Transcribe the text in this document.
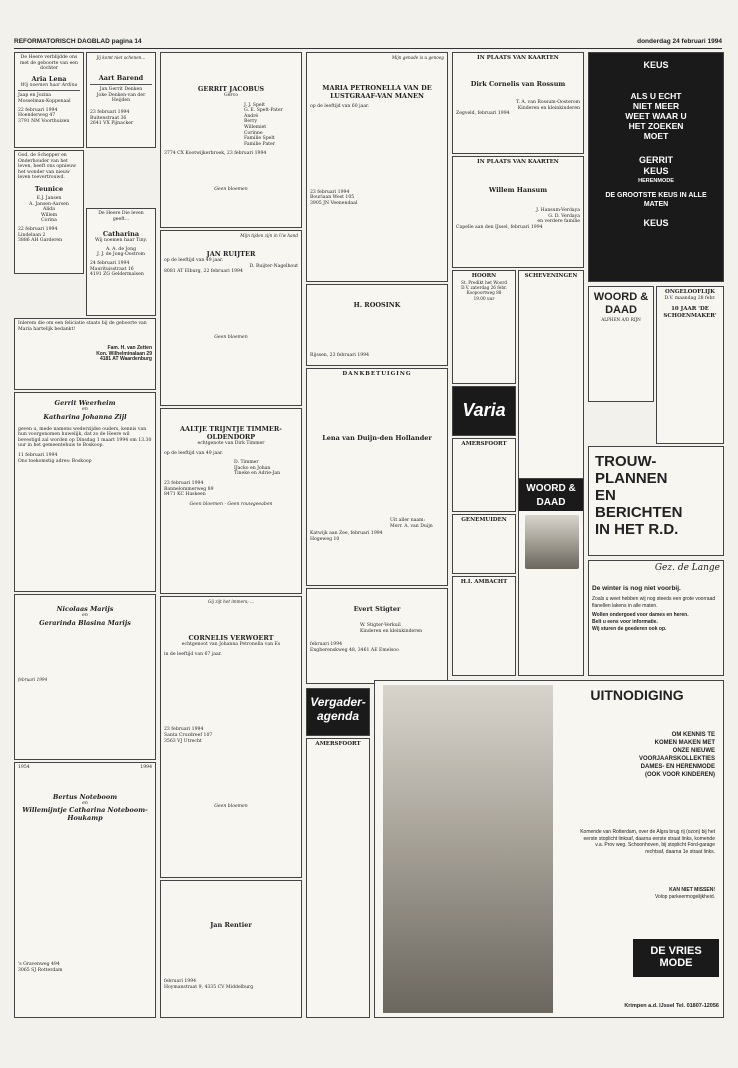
REFORMATORISCH DAGBLAD pagina 14	donderdag 24 februari 1994
De Heere verblijdde ons met de geboorte van een dochter
Aria Lena
Wij noemen haar Ardina
Jaap en Jozina Mosselman-Koppenaal
22 februari 1994
Hoenderweg 47
3791 NM Voorthuizen
Jij komt niet schenen...
Aart Barend
Jan Gerrit Denken
Joke Denken-van der Heijden
23 februari 1994
Buitenstraat 36
2641 VX Pijnacker
God, de Schepper en Onderhouder van het leven, heeft ons opnieuw het wonder van nieuw leven toevertrouwd.
Teunice
E.J. Jansen
A. Jansen-Aarsen
Alida
Willem
Corina
22 februari 1994
Lindelaan 2
3886 AH Garderen
De Heere Die leven geeft...
Catharina
Wij noemen haar Tiny.
A. A. de Jong
J. J. de Jong-Oostrom
24 februari 1994
Maurituisstraat 16
4191 ZG Geldermalsen
Inlerem die om een feliciatie staats bij de geboorte van Maria hartelijk bedankt!
Fam. H. van Zetten
Kon. Wilhelminalaan 29
4181 AT Waardenburg
Gerrit Weerheim
en
Katharina Johanna Zijl
geven u, mede namens wederzijdse ouders, kennis van hun voorgenomen huwelijk, dat zo de Heere wil bevestigd zal worden op Dinsdag 1 maart 1994 om 13.30 uur in het gemeentehuis te Boskoop.
11 februari 1994
Ons toekomstig adres: Boskoop
Nicolaas Marijs
en
Gerarinda Blasina Marijs
februari 1994
1954	1994
Bertus Noteboom
en
Willemijntje Catharina Noteboom-Houkamp
's Gravenweg 494
3065 SJ Rotterdam
GERRIT JACOBUS
Gerco
J. J. Spelt
G. E. Spelt-Pater
André
Berry
Willemiet
Corinne
Familie Spelt
Familie Pater
3774 CX Kootwijkerbroek, 23 februari 1994
Geen bloemen
Mijn tijden zijn in Uw hand
JAN RUIJTER
op de leeftijd van 49 jaar.
D. Ruijter-Nagelhout
8081 AT Elburg, 22 februari 1994
Geen bloemen
AALTJE TRIJNTJE TIMMER-OLDENDORP
echtgenote van Dirk Timmer
op de leeftijd van 49 jaar.
D. Timmer
IJacko en Johan
Tineke en Adrie-Jan
23 februari 1994
Bannelommerweg 89
8471 KC Haskeen
Geen bloemen - Geen rouwgeeaben
Gij zijt het immers; ...
CORNELIS VERWOERT
echtgenoot van Johanna Petronella van Es
in de leeftijd van 67 jaar.
23 februari 1994
Santa Crozdreef 107
3563 VJ Utrecht
Geen bloemen
Jan Rentier
februari 1994
Hoymanstraat 9, 4335 CV Middelburg
Mijn genade is u genoeg
MARIA PETRONELLA VAN DE LUSTGRAAF-VAN MANEN
op de leeftijd van 60 jaar.
23 februari 1994
Bouriaan West 105
3905 JN Veenendaal
H. ROOSINK
Rijssen, 23 februari 1994
DANKBETUIGING
Lena van Duijn-den Hollander
Uit aller naam:
Merr. A. van Duijn
Katwijk aan Zee, februari 1994
Hogeweg 10
Evert Stigter
W. Stigter-Verkuil
Kinderen en kleinkinderen
februari 1994
Engherenskweg 48, 3461 AE Emelsoo
Vergader-agenda
AMERSFOORT
IN PLAATS VAN KAARTEN
Dirk Cornelis van Rossum
T. A. van Rossum-Oosterom
Kinderen en kleinkinderen
Zegveld, februari 1994
IN PLAATS VAN KAARTEN
Willem Hansum
J. Hansum-Verdaya
G. D. Verdaya
en verdere familie
Capelle aan den IJssel, februari 1994
HOORN
St. Predikt het Woord
D.V. zaterdag 26 febr.
Koopoortweg 88
19.00 uur
SCHEVENINGEN
Varia
AMERSFOORT
GENEMUIDEN
H.I. AMBACHT
WOORD & DAAD
KEUS
ALS U ECHT
NIET MEER
WEET WAAR U
HET ZOEKEN
MOET
GERRIT
KEUS
HERENMODE
DE GROOTSTE KEUS IN ALLE MATEN
KEUS
WOORD & DAAD
ALPHEN A/D RIJN
ONGELOOFLIJK
D.V. maandag 28 febr.
10 JAAR 'DE SCHOENMAKER'
TROUW-
PLANNEN
EN
BERICHTEN
IN HET R.D.
Gez. de Lange
De winter is nog niet voorbij.
Zoals u weet hebben wij nog steeds een grote voorraad flanellen lakens in alle maten.
Wollen ondergoed voor dames en heren.
Belt u eens voor informatie.
Wij sturen de goederen ook op.
UITNODIGING
OM KENNIS TE
KOMEN MAKEN MET
ONZE NIEUWE
VOORJAARSKOLLEKTIES
DAMES- EN HERENMODE
(OOK VOOR KINDEREN)
Komende van Rotterdam, over de Algra brug rij (ozon) bij het eerste stoplicht linksaf, daarna eerste straat links, komende v.a. Prov weg. Schoonhoven, bij stoplicht Ford-garage rechtsaf, daarna 1e straat links.
KAN NIET MISSEN!
Volop parkeermogelijkheid.
DE VRIES MODE
Krimpen a.d. IJssel Tel. 01807-12056
